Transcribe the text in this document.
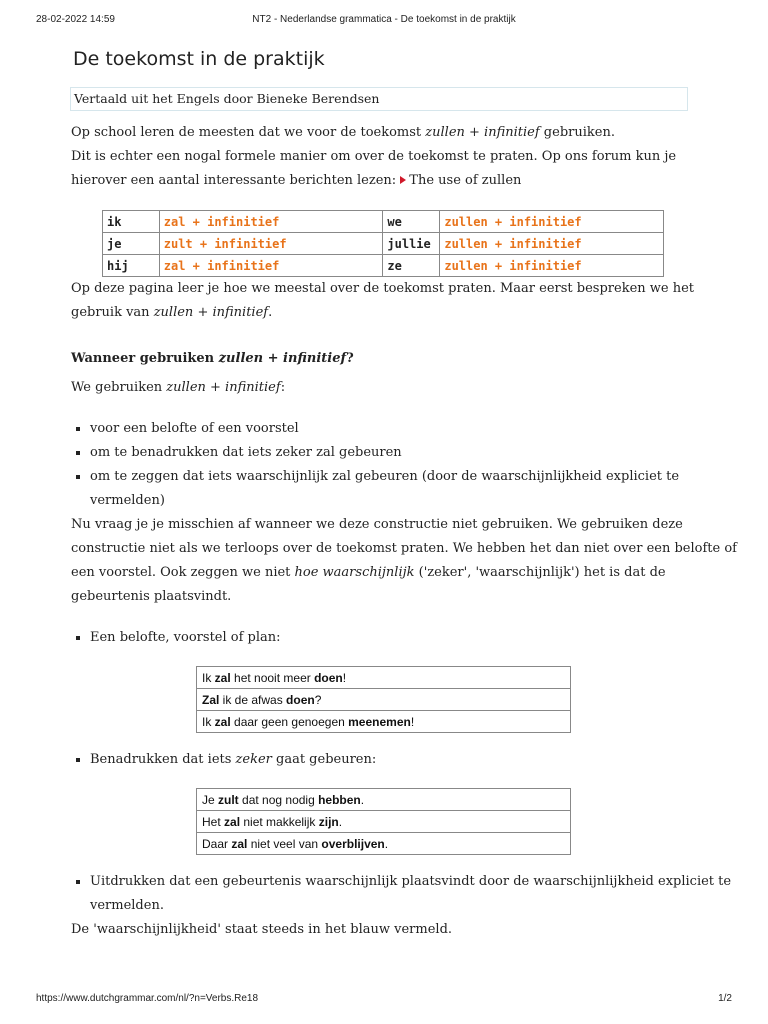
28-02-2022 14:59	NT2 - Nederlandse grammatica - De toekomst in de praktijk
De toekomst in de praktijk
Vertaald uit het Engels door Bieneke Berendsen

Op school leren de meesten dat we voor de toekomst zullen + infinitief gebruiken.
Dit is echter een nogal formele manier om over de toekomst te praten. Op ons forum kun je
hierover een aantal interessante berichten lezen: The use of zullen

ik	zal + infinitief	we	zullen + infinitief
je	zult + infinitief	jullie	zullen + infinitief
hij	zal + infinitief	ze	zullen + infinitief

Op deze pagina leer je hoe we meestal over de toekomst praten. Maar eerst bespreken we het
gebruik van zullen + infinitief.

Wanneer gebruiken zullen + infinitief?

We gebruiken zullen + infinitief:

voor een belofte of een voorstel
om te benadrukken dat iets zeker zal gebeuren
om te zeggen dat iets waarschijnlijk zal gebeuren (door de waarschijnlijkheid expliciet te
vermelden)

Nu vraag je je misschien af wanneer we deze constructie niet gebruiken. We gebruiken deze
constructie niet als we terloops over de toekomst praten. We hebben het dan niet over een belofte of
een voorstel. Ook zeggen we niet hoe waarschijnlijk ('zeker', 'waarschijnlijk') het is dat de
gebeurtenis plaatsvindt.

Een belofte, voorstel of plan:
Ik zal het nooit meer doen!
Zal ik de afwas doen?
Ik zal daar geen genoegen meenemen!
Benadrukken dat iets zeker gaat gebeuren:
Je zult dat nog nodig hebben.
Het zal niet makkelijk zijn.
Daar zal niet veel van overblijven.
Uitdrukken dat een gebeurtenis waarschijnlijk plaatsvindt door de waarschijnlijkheid expliciet te
vermelden.

De 'waarschijnlijkheid' staat steeds in het blauw vermeld.

https://www.dutchgrammar.com/nl/?n=Verbs.Re18	1/2
